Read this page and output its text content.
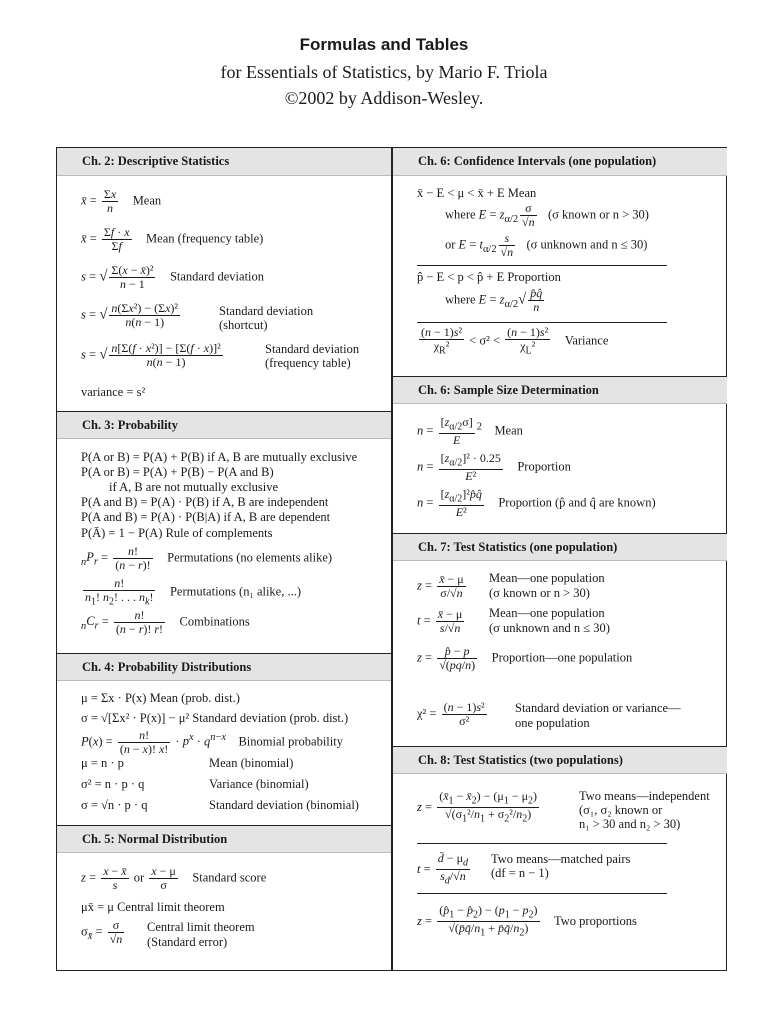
Formulas and Tables
for Essentials of Statistics, by Mario F. Triola
©2002 by Addison-Wesley.
Ch. 2: Descriptive Statistics
x̄ = $\frac{\Sigma x}{n}$ Mean
x̄ = $\frac{\Sigma f \cdot x}{\Sigma f}$ Mean (frequency table)
s = √ $\frac{\text{Σ(x − x̄)²}}{n - 1}$ Standard deviation
s = √ $\frac{\text{n(Σx²) − (Σx)²}}{n(n - 1)}$
	Standard deviation
(shortcut)
s = √ $\frac{\text{n[Σ(f · x²)] − [Σ(f · x)]²}}{n(n - 1)}$	Standard deviation
(frequency table)
variance = s²
Ch. 3: Probability
P(A or B) = P(A) + P(B) if A, B are mutually exclusive
P(A or B) = P(A) + P(B) − P(A and B)
if A, B are not mutually exclusive
P(A and B) = P(A) · P(B) if A, B are independent
P(A and B) = P(A) · P(B|A) if A, B are dependent
P(Ā) = 1 − P(A) Rule of complements
$_nP_r = \frac{n!}{(n - r)!}$ Permutations (no elements alike)
$\frac{n!}{n_1! n_2! . . . n_k!}$ Permutations (n₁ alike, ...)
$_nC_r = \frac{n!}{(n - r)! r!}$ Combinations
Ch. 4: Probability Distributions
μ = Σx · P(x) Mean (prob. dist.)
σ = √[Σx² · P(x)] − μ² Standard deviation (prob. dist.)
$P(x) = \frac{n!}{(n - x)! x!} \cdot p^x \cdot q^{n-x}$ Binomial probability
μ = n · p	Mean (binomial)
σ² = n · p · q	Variance (binomial)
σ = √n · p · q	Standard deviation (binomial)
Ch. 5: Normal Distribution
$z = \frac{x - x̄}{s}$ or $\frac{x - \mu}{\sigma}$ Standard score
μx̄ = μ Central limit theorem
$\sigma_{x̄} = \frac{\sigma}{√n}$ Central limit theorem
(Standard error)
Ch. 6: Confidence Intervals (one population)
x̄ − E < μ < x̄ + E Mean
where $E = z_{\alpha/2} \frac{\sigma}{√n} (\sigma$ known or n > 30)
or $E = t_{\alpha/2} \frac{s}{√n} (\sigma$ unknown and n ≤ 30)
p̂ − E < p < p̂ + E Proportion
where $E = z_{\alpha/2}√ \frac{p̂q̂}{n}$
$\frac{\text{(n − 1)s²}}{\chi_R^2} < \sigma^2 < \frac{\text{(n − 1)s²}}{\chi_L^2}$ Variance
Ch. 6: Sample Size Determination
$n = \frac{[z_{\alpha/2}\sigma]}{E} ^2$ Mean
$n = \frac{[z_{\alpha/2}]^2 \cdot 0.25}{\text{E²}}$ Proportion
$n = \frac{[z_{\alpha/2}]^2p̂q̂}{\text{E²}}$ Proportion (p̂ and q̂ are known)
Ch. 7: Test Statistics (one population)
$z = \frac{x̄ - \mu}{\sigma/√n}$ Mean—one population
(σ known or n > 30)
$t = \frac{x̄ - \mu}{s/√n}$ Mean—one population
(σ unknown and n ≤ 30)
$z = \frac{p̂ - p}{√(pq/n)}$ Proportion—one population
$\chi^2 = \frac{\text{(n − 1)s²}}{\text{σ²}}$ Standard deviation or variance—
one population
Ch. 8: Test Statistics (two populations)
$z = \frac{(x̄_1 - x̄_2) - (\mu_1 - \mu_2)}{√(\sigma_1^2/n_1 + \sigma_2^2/n_2)}$	Two means—independent
(σ₁, σ₂ known or
n₁ > 30 and n₂ > 30)
$t = \frac{d̄ - \mu_d}{s_d/√n}$ Two means—matched pairs
(df = n − 1)
$z = \frac{(p̂_1 - p̂_2) - (p_1 - p_2)}{√(p̄q̄/n_1 + p̄q̄/n_2)}$ Two proportions
